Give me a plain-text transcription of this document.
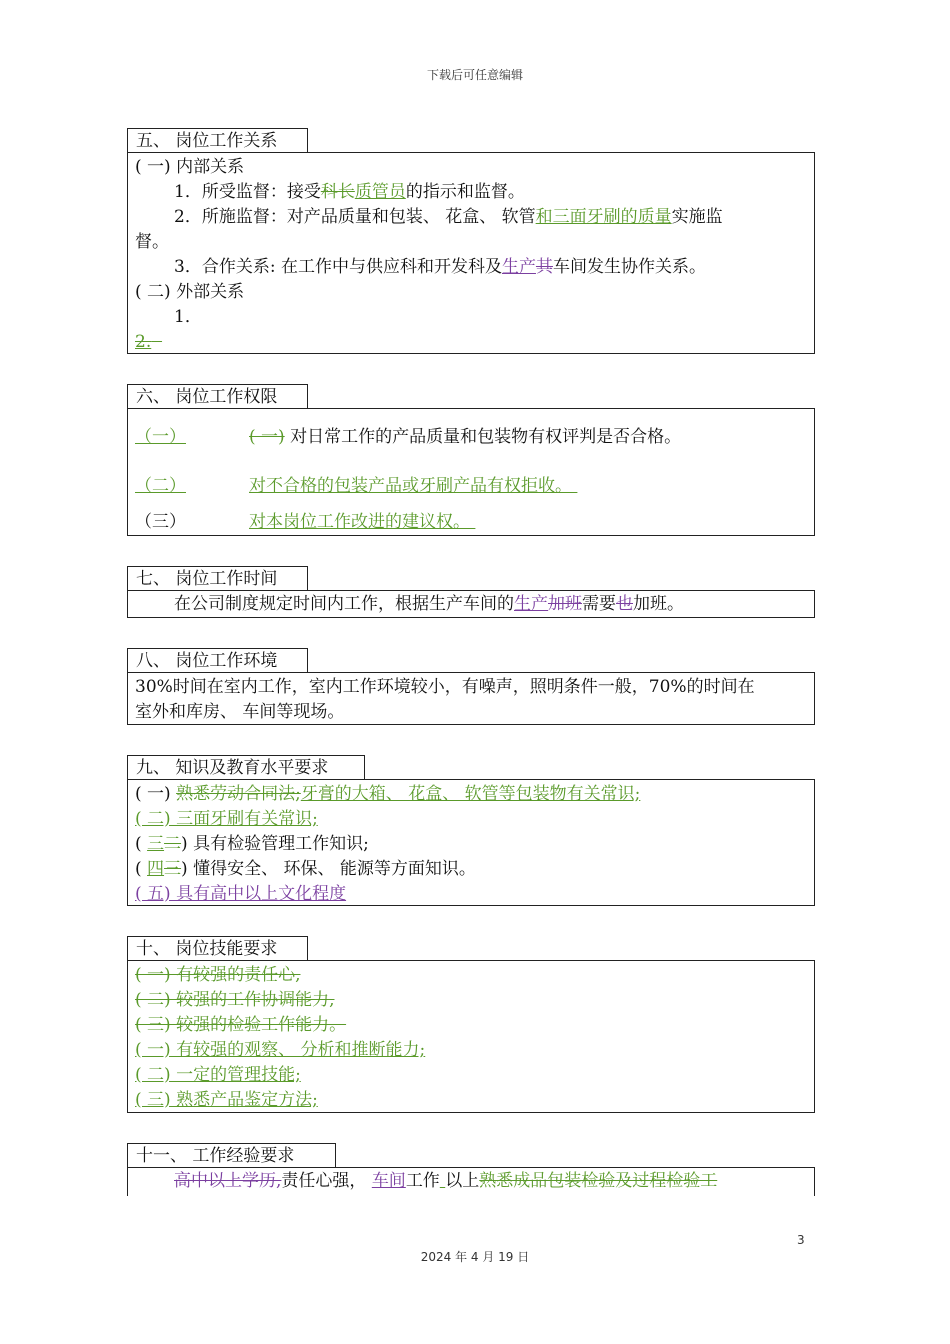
下载后可任意编辑
五、 岗位工作关系
( 一) 内部关系
1．所受监督：接受科长质管员的指示和监督。
2．所施监督：对产品质量和包装、 花盒、 软管和三面牙刷的质量实施监
督。
3．合作关系: 在工作中与供应科和开发科及生产其车间发生协作关系。
( 二) 外部关系
1．
2.
六、 岗位工作权限
（一）	( 一) 对日常工作的产品质量和包装物有权评判是否合格。
（二）	对不合格的包装产品或牙刷产品有权拒收。
（三）	对本岗位工作改进的建议权。
七、 岗位工作时间
在公司制度规定时间内工作，根据生产车间的生产加班需要也加班。
八、 岗位工作环境
30%时间在室内工作，室内工作环境较小，有噪声，照明条件一般，70%的时间在
室外和库房、 车间等现场。
九、 知识及教育水平要求
( 一) 熟悉劳动合同法;牙膏的大箱、 花盒、 软管等包装物有关常识;
( 二) 三面牙刷有关常识;
( 三二) 具有检验管理工作知识;
( 四三) 懂得安全、 环保、 能源等方面知识。
( 五) 具有高中以上文化程度
十、 岗位技能要求
( 一) 有较强的责任心,
( 二) 较强的工作协调能力,
( 三) 较强的检验工作能力。
( 一) 有较强的观察、 分析和推断能力;
( 二) 一定的管理技能;
( 三) 熟悉产品鉴定方法;
十一、 工作经验要求
高中以上学历,责任心强， 车间工作 以上熟悉成品包装检验及过程检验工
3
2024 年 4 月 19 日
